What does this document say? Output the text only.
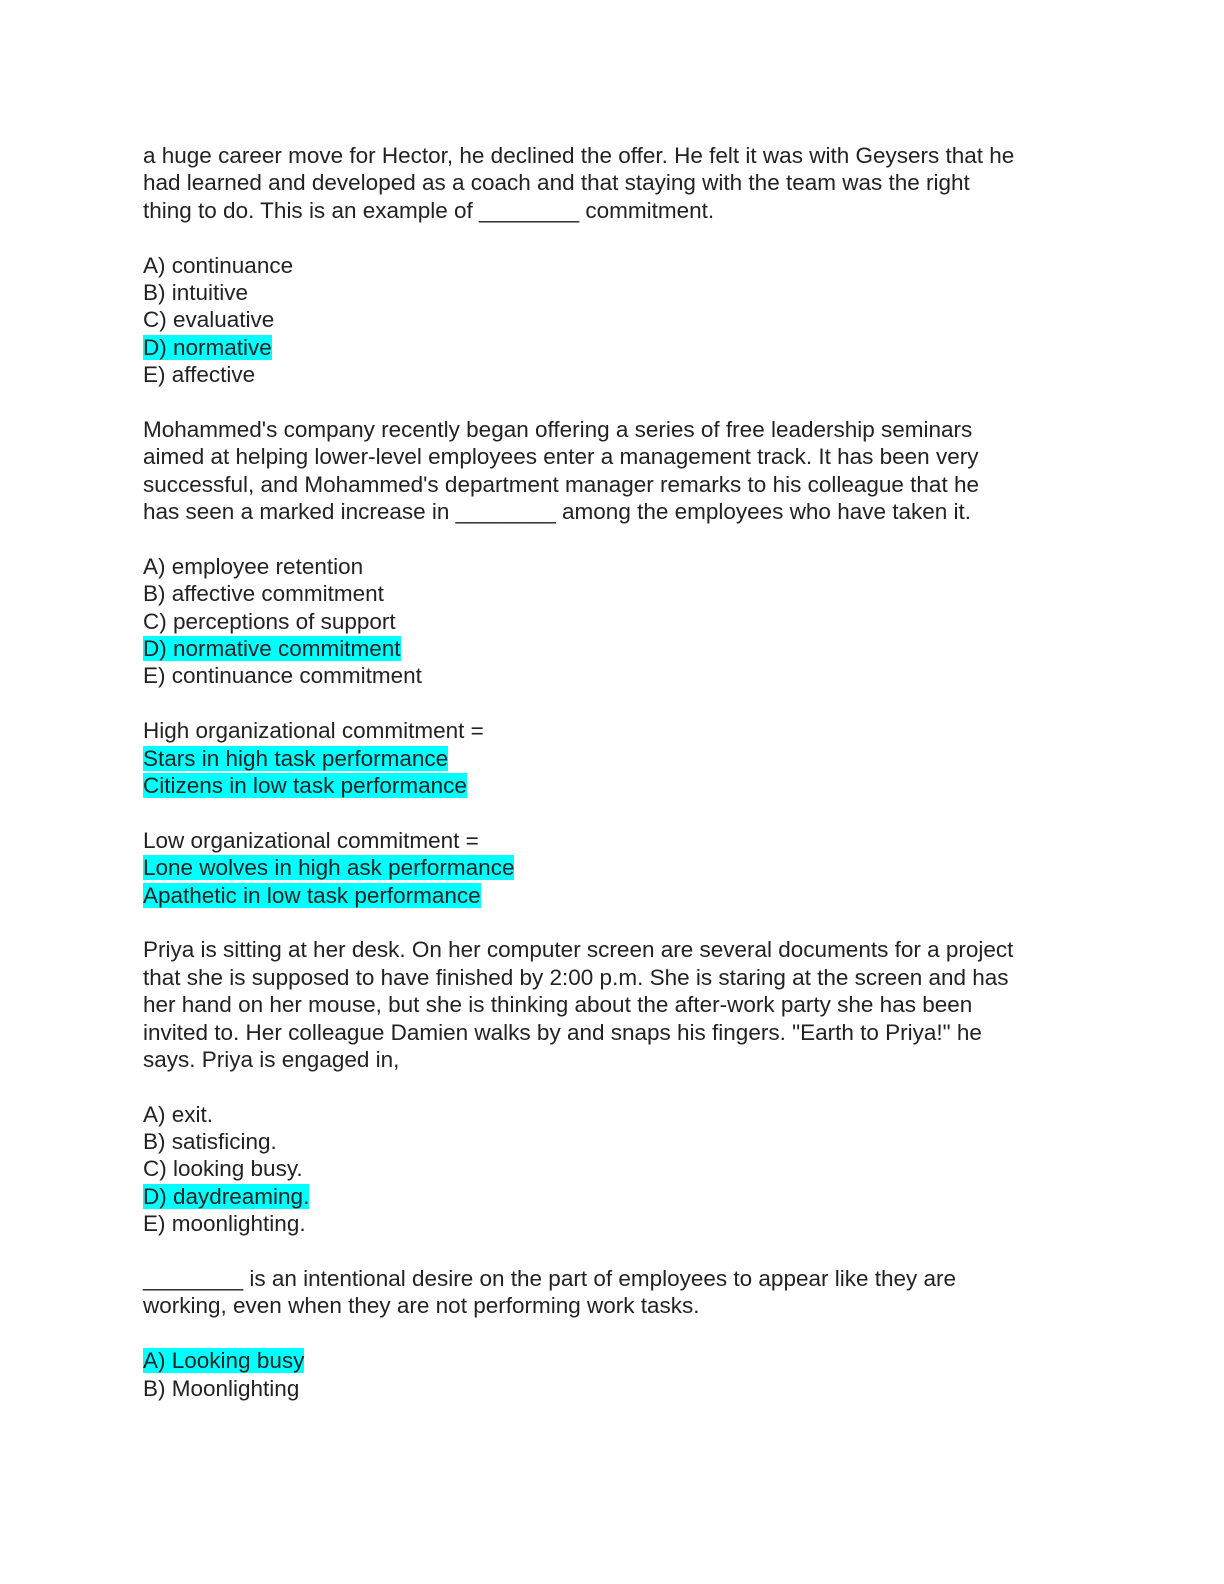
a huge career move for Hector, he declined the offer. He felt it was with Geysers that he
had learned and developed as a coach and that staying with the team was the right
thing to do. This is an example of ________ commitment.
A) continuance
B) intuitive
C) evaluative
D) normative
E) affective
Mohammed's company recently began offering a series of free leadership seminars
aimed at helping lower-level employees enter a management track. It has been very
successful, and Mohammed's department manager remarks to his colleague that he
has seen a marked increase in ________ among the employees who have taken it.
A) employee retention
B) affective commitment
C) perceptions of support
D) normative commitment
E) continuance commitment
High organizational commitment =
Stars in high task performance
Citizens in low task performance
Low organizational commitment =
Lone wolves in high ask performance
Apathetic in low task performance
Priya is sitting at her desk. On her computer screen are several documents for a project
that she is supposed to have finished by 2:00 p.m. She is staring at the screen and has
her hand on her mouse, but she is thinking about the after-work party she has been
invited to. Her colleague Damien walks by and snaps his fingers. "Earth to Priya!" he
says. Priya is engaged in,
A) exit.
B) satisficing.
C) looking busy.
D) daydreaming.
E) moonlighting.
________ is an intentional desire on the part of employees to appear like they are
working, even when they are not performing work tasks.
A) Looking busy
B) Moonlighting
